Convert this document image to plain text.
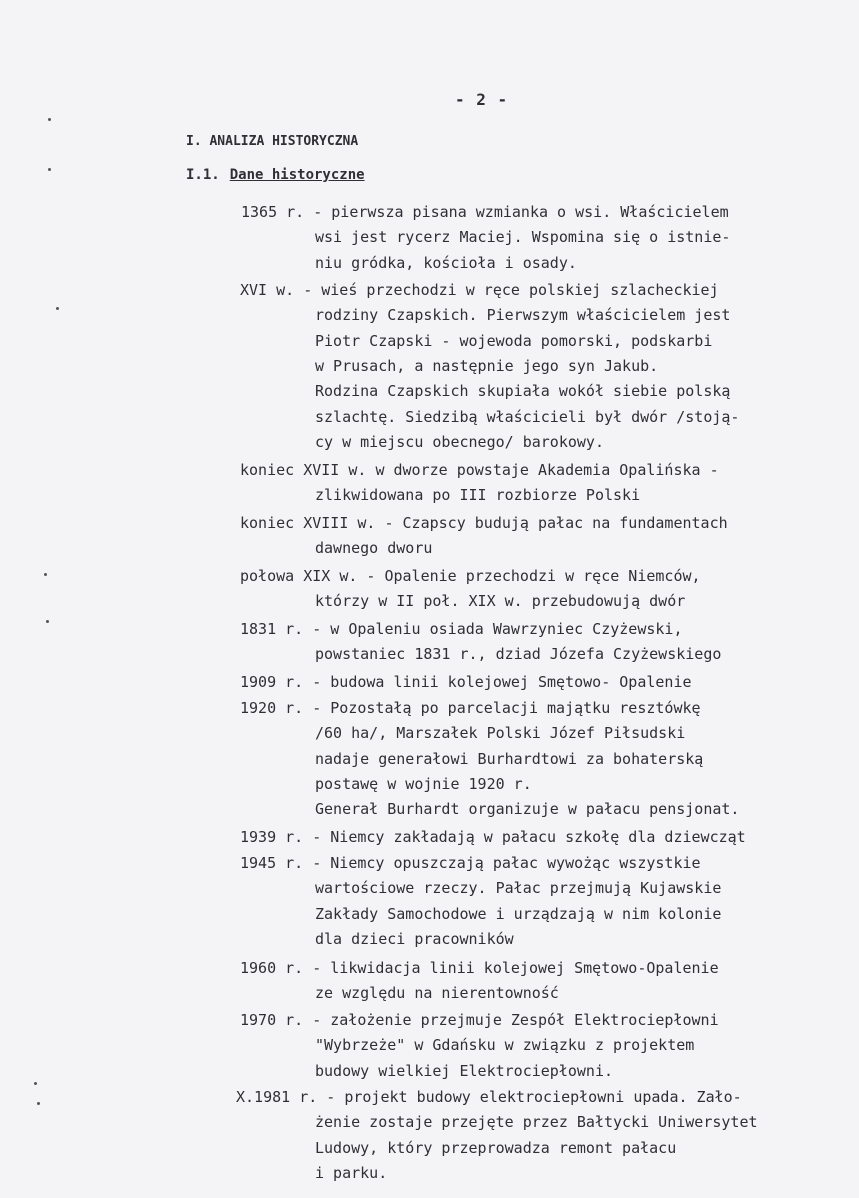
- 2 -
I. ANALIZA HISTORYCZNA
I.1. Dane historyczne
1365 r. - pierwsza pisana wzmianka o wsi. Właścicielem
wsi jest rycerz Maciej. Wspomina się o istnie-
niu gródka, kościoła i osady.
XVI w. - wieś przechodzi w ręce polskiej szlacheckiej
rodziny Czapskich. Pierwszym właścicielem jest
Piotr Czapski - wojewoda pomorski, podskarbi
w Prusach, a następnie jego syn Jakub.
Rodzina Czapskich skupiała wokół siebie polską
szlachtę. Siedzibą właścicieli był dwór /stoją-
cy w miejscu obecnego/ barokowy.
koniec XVII w. w dworze powstaje Akademia Opalińska -
zlikwidowana po III rozbiorze Polski
koniec XVIII w. - Czapscy budują pałac na fundamentach
dawnego dworu
połowa XIX w. - Opalenie przechodzi w ręce Niemców,
którzy w II poł. XIX w. przebudowują dwór
1831 r. - w Opaleniu osiada Wawrzyniec Czyżewski,
powstaniec 1831 r., dziad Józefa Czyżewskiego
1909 r. - budowa linii kolejowej Smętowo- Opalenie
1920 r. - Pozostałą po parcelacji majątku resztówkę
/60 ha/, Marszałek Polski Józef Piłsudski
nadaje generałowi Burhardtowi za bohaterską
postawę w wojnie 1920 r.
Generał Burhardt organizuje w pałacu pensjonat.
1939 r. - Niemcy zakładają w pałacu szkołę dla dziewcząt
1945 r. - Niemcy opuszczają pałac wywożąc wszystkie
wartościowe rzeczy. Pałac przejmują Kujawskie
Zakłady Samochodowe i urządzają w nim kolonie
dla dzieci pracowników
1960 r. - likwidacja linii kolejowej Smętowo-Opalenie
ze względu na nierentowność
1970 r. - założenie przejmuje Zespół Elektrociepłowni
"Wybrzeże" w Gdańsku w związku z projektem
budowy wielkiej Elektrociepłowni.
X.1981 r. - projekt budowy elektrociepłowni upada. Zało-
żenie zostaje przejęte przez Bałtycki Uniwersytet
Ludowy, który przeprowadza remont pałacu
i parku.
